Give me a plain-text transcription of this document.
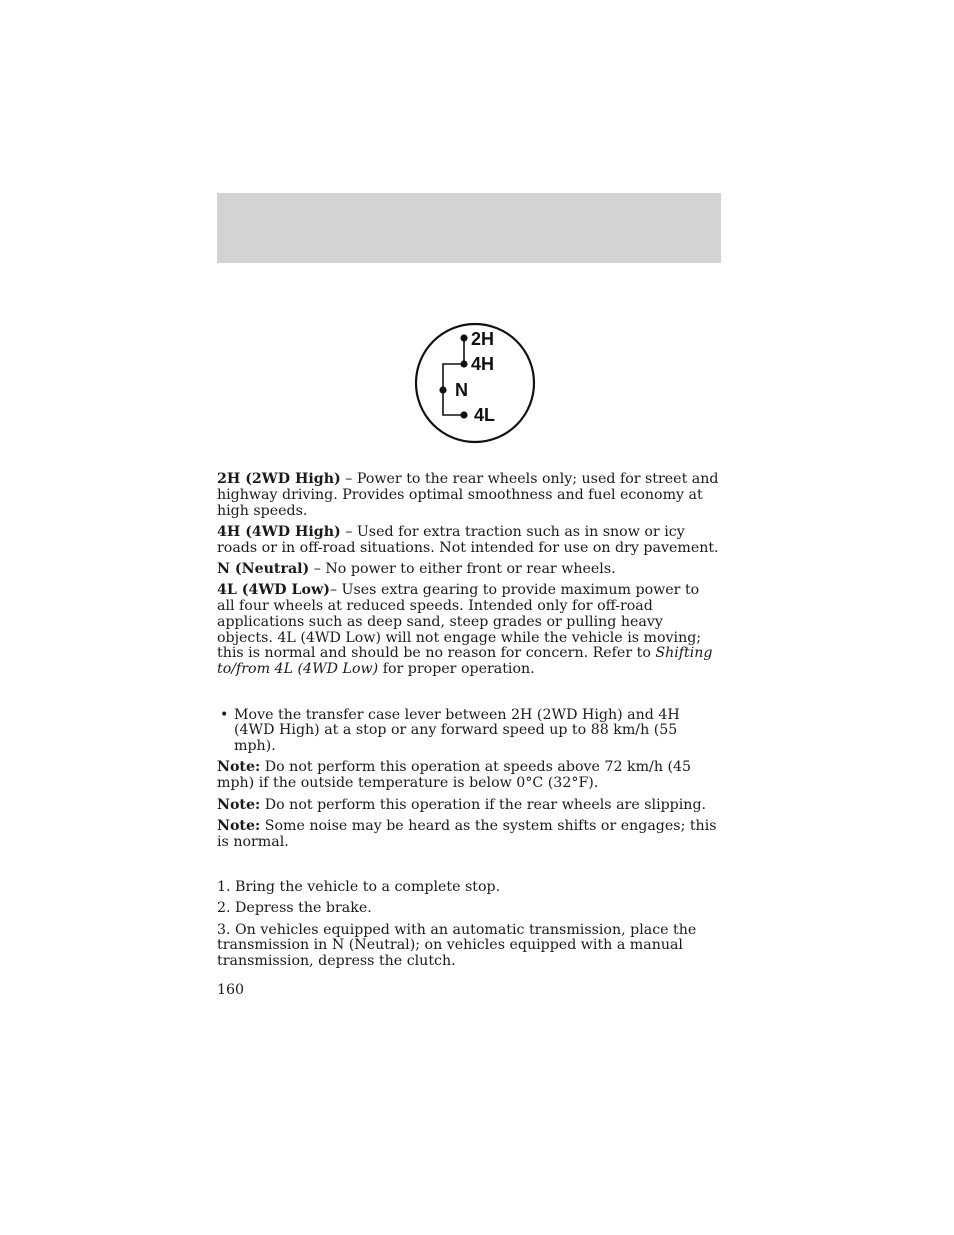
2H
4H
N
4L

2H (2WD High) – Power to the rear wheels only; used for street and highway driving. Provides optimal smoothness and fuel economy at high speeds.

4H (4WD High) – Used for extra traction such as in snow or icy roads or in off-road situations. Not intended for use on dry pavement.

N (Neutral) – No power to either front or rear wheels.

4L (4WD Low)– Uses extra gearing to provide maximum power to all four wheels at reduced speeds. Intended only for off-road applications such as deep sand, steep grades or pulling heavy objects. 4L (4WD Low) will not engage while the vehicle is moving; this is normal and should be no reason for concern. Refer to Shifting to/from 4L (4WD Low) for proper operation.

• Move the transfer case lever between 2H (2WD High) and 4H (4WD High) at a stop or any forward speed up to 88 km/h (55 mph).

Note: Do not perform this operation at speeds above 72 km/h (45 mph) if the outside temperature is below 0°C (32°F).

Note: Do not perform this operation if the rear wheels are slipping.

Note: Some noise may be heard as the system shifts or engages; this is normal.

1. Bring the vehicle to a complete stop.

2. Depress the brake.

3. On vehicles equipped with an automatic transmission, place the transmission in N (Neutral); on vehicles equipped with a manual transmission, depress the clutch.

160
